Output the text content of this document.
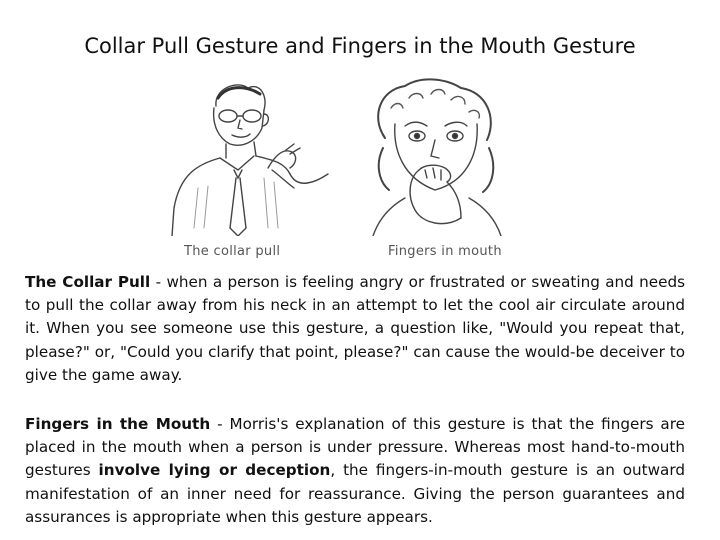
Collar Pull Gesture and Fingers in the Mouth Gesture
The collar pull	Fingers in mouth
The Collar Pull - when a person is feeling angry or frustrated or sweating and needs to pull the collar away from his neck in an attempt to let the cool air circulate around it. When you see someone use this gesture, a question like, "Would you repeat that, please?" or, "Could you clarify that point, please?" can cause the would-be deceiver to give the game away.
Fingers in the Mouth - Morris's explanation of this gesture is that the fingers are placed in the mouth when a person is under pressure. Whereas most hand-to-mouth gestures involve lying or deception, the fingers-in-mouth gesture is an outward manifestation of an inner need for reassurance. Giving the person guarantees and assurances is appropriate when this gesture appears.
